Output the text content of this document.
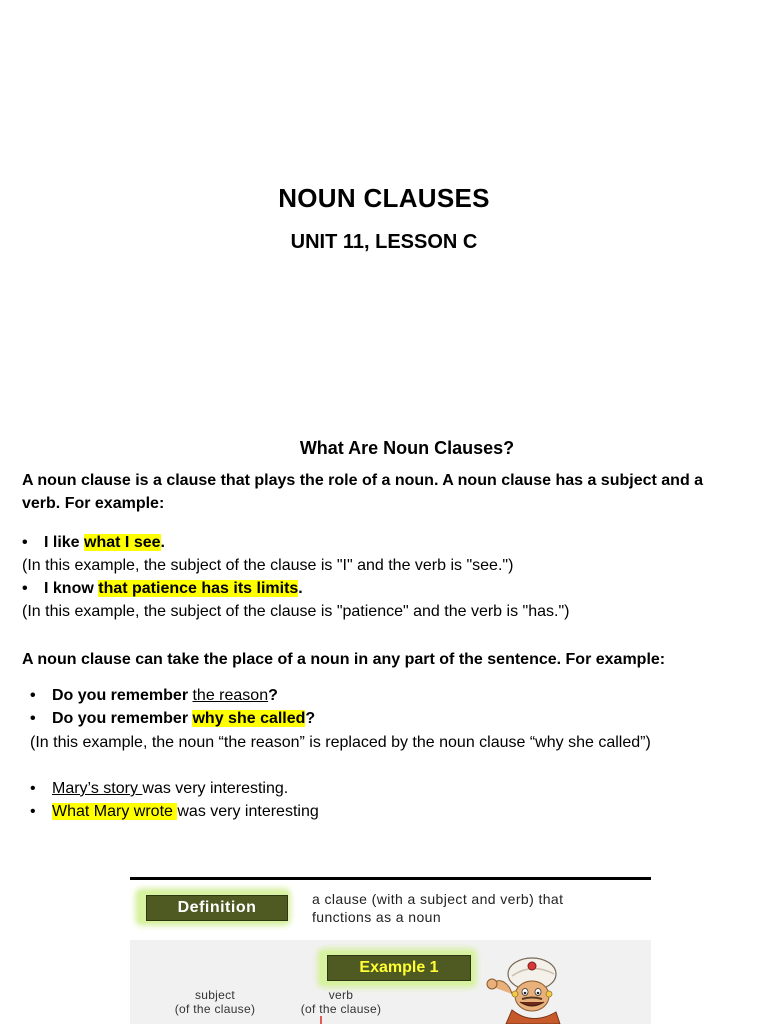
NOUN CLAUSES
UNIT 11, LESSON C
What Are Noun Clauses?
A noun clause is a clause that plays the role of a noun. A noun clause has a subject and a verb. For example:
• I like what I see.
(In this example, the subject of the clause is "I" and the verb is "see.")
• I know that patience has its limits.
(In this example, the subject of the clause is "patience" and the verb is "has.")
A noun clause can take the place of a noun in any part of the sentence. For example:
• Do you remember the reason?
• Do you remember why she called?
(In this example, the noun “the reason” is replaced by the noun clause “why she called”)
• Mary’s story was very interesting.
• What Mary wrote was very interesting
Definition	a clause (with a subject and verb) that
functions as a noun
Example 1
subject
(of the clause)
verb
(of the clause)
